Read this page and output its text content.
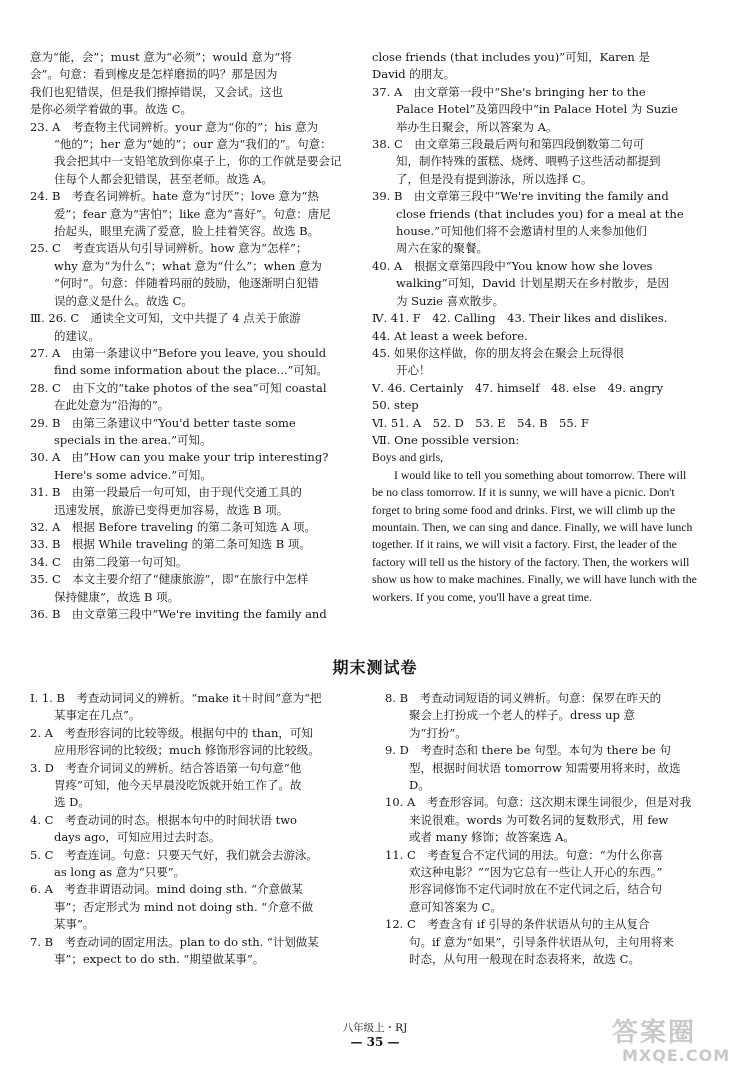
意为“能，会”；must 意为“必须”；would 意为“将
会”。句意：看到橡皮是怎样磨损的吗？那是因为
我们也犯错误，但是我们擦掉错误，又会试。这也
是你必须学着做的事。故选 C。
23. A　考查物主代词辨析。your 意为“你的”；his 意为
“他的”；her 意为“她的”；our 意为“我们的”。句意：
我会把其中一支铅笔放到你桌子上，你的工作就是要会记
住每个人都会犯错误，甚至老师。故选 A。
24. B　考查名词辨析。hate 意为“讨厌”；love 意为“热
爱”；fear 意为“害怕”；like 意为“喜好”。句意：唐尼
抬起头，眼里充满了爱意，脸上挂着笑容。故选 B。
25. C　考查宾语从句引导词辨析。how 意为“怎样”；
why 意为“为什么”；what 意为“什么”；when 意为
“何时”。句意：伴随着玛丽的鼓励，他逐渐明白犯错
误的意义是什么。故选 C。
Ⅲ. 26. C　通读全文可知，文中共提了 4 点关于旅游
的建议。
27. A　由第一条建议中“Before you leave, you should
find some information about the place...”可知。
28. C　由下文的“take photos of the sea”可知 coastal
在此处意为“沿海的”。
29. B　由第三条建议中“You'd better taste some
specials in the area.”可知。
30. A　由“How can you make your trip interesting?
Here's some advice.”可知。
31. B　由第一段最后一句可知，由于现代交通工具的
迅速发展，旅游已变得更加容易，故选 B 项。
32. A　根据 Before traveling 的第二条可知选 A 项。
33. B　根据 While traveling 的第二条可知选 B 项。
34. C　由第二段第一句可知。
35. C　本文主要介绍了“健康旅游”，即“在旅行中怎样
保持健康”，故选 B 项。
36. B　由文章第三段中“We're inviting the family and
close friends (that includes you)”可知，Karen 是
David 的朋友。
37. A　由文章第一段中“She's bringing her to the
Palace Hotel”及第四段中“in Palace Hotel 为 Suzie
举办生日聚会，所以答案为 A。
38. C　由文章第三段最后两句和第四段倒数第二句可
知，制作特殊的蛋糕、烧烤、喂鸭子这些活动都提到
了，但是没有提到游泳，所以选择 C。
39. B　由文章第三段中“We're inviting the family and
close friends (that includes you) for a meal at the
house.”可知他们将不会邀请村里的人来参加他们
周六在家的聚餐。
40. A　根据文章第四段中“You know how she loves
walking”可知，David 计划星期天在乡村散步，是因
为 Suzie 喜欢散步。
Ⅳ. 41. F　42. Calling　43. Their likes and dislikes.
44. At least a week before.
45. 如果你这样做，你的朋友将会在聚会上玩得很
开心！
Ⅴ. 46. Certainly　47. himself　48. else　49. angry
50. step
Ⅵ. 51. A　52. D　53. E　54. B　55. F
Ⅶ. One possible version:
Boys and girls,
I would like to tell you something about tomorrow. There will be no class tomorrow. If it is sunny, we will have a picnic. Don't forget to bring some food and drinks. First, we will climb up the mountain. Then, we can sing and dance. Finally, we will have lunch together. If it rains, we will visit a factory. First, the leader of the factory will tell us the history of the factory. Then, the workers will show us how to make machines. Finally, we will have lunch with the workers. If you come, you'll have a great time.
期末测试卷
Ⅰ. 1. B　考查动词词义的辨析。“make it＋时间”意为“把
某事定在几点”。
2. A　考查形容词的比较等级。根据句中的 than，可知
应用形容词的比较级；much 修饰形容词的比较级。
3. D　考查介词词义的辨析。结合答语第一句句意“他
胃疼”可知，他今天早晨没吃饭就开始工作了。故
选 D。
4. C　考查动词的时态。根据本句中的时间状语 two
days ago，可知应用过去时态。
5. C　考查连词。句意：只要天气好，我们就会去游泳。
as long as 意为“只要”。
6. A　考查非谓语动词。mind doing sth. “介意做某
事”；否定形式为 mind not doing sth. “介意不做
某事”。
7. B　考查动词的固定用法。plan to do sth. “计划做某
事”；expect to do sth. “期望做某事”。
8. B　考查动词短语的词义辨析。句意：保罗在昨天的
聚会上打扮成一个老人的样子。dress up 意
为“打扮”。
9. D　考查时态和 there be 句型。本句为 there be 句
型，根据时间状语 tomorrow 知需要用将来时，故选
D。
10. A　考查形容词。句意：这次期末课生词很少，但是对我
来说很难。words 为可数名词的复数形式，用 few
或者 many 修饰；故答案选 A。
11. C　考查复合不定代词的用法。句意：“为什么你喜
欢这种电影？”“因为它总有一些让人开心的东西。”
形容词修饰不定代词时放在不定代词之后，结合句
意可知答案为 C。
12. C　考查含有 if 引导的条件状语从句的主从复合
句。if 意为“如果”，引导条件状语从句，主句用将来
时态，从句用一般现在时态表将来，故选 C。
八年级上・RJ
— 35 —	答案圈
MXQE.COM
